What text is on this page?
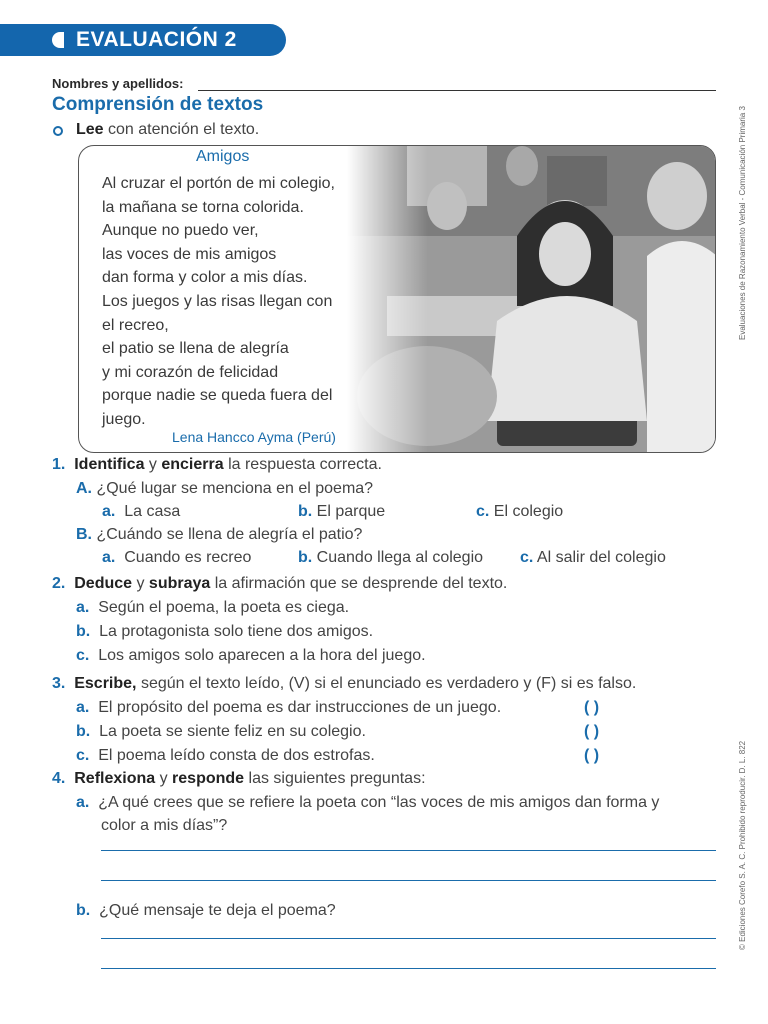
EVALUACIÓN 2
Nombres y apellidos:
Comprensión de textos
Lee con atención el texto.
Amigos
Al cruzar el portón de mi colegio,
la mañana se torna colorida.
Aunque no puedo ver,
las voces de mis amigos
dan forma y color a mis días.
Los juegos y las risas llegan con
el recreo,
el patio se llena de alegría
y mi corazón de felicidad
porque nadie se queda fuera del
juego.
Lena Hancco Ayma (Perú)
1. Identifica y encierra la respuesta correcta.
A. ¿Qué lugar se menciona en el poema?
a. La casa	b. El parque	c. El colegio
B. ¿Cuándo se llena de alegría el patio?
a. Cuando es recreo	b. Cuando llega al colegio c. Al salir del colegio
2. Deduce y subraya la afirmación que se desprende del texto.
a. Según el poema, la poeta es ciega.
b. La protagonista solo tiene dos amigos.
c. Los amigos solo aparecen a la hora del juego.
3. Escribe, según el texto leído, (V) si el enunciado es verdadero y (F) si es falso.
a. El propósito del poema es dar instrucciones de un juego.	( )
b. La poeta se siente feliz en su colegio.	( )
c. El poema leído consta de dos estrofas.	( )
4. Reflexiona y responde las siguientes preguntas:
a. ¿A qué crees que se refiere la poeta con “las voces de mis amigos dan forma y
color a mis días”?
b. ¿Qué mensaje te deja el poema?
Evaluaciones de Razonamiento Verbal - Comunicación Primaria 3
© Ediciones Corefo S. A. C. Prohibido reproducir. D. L. 822
